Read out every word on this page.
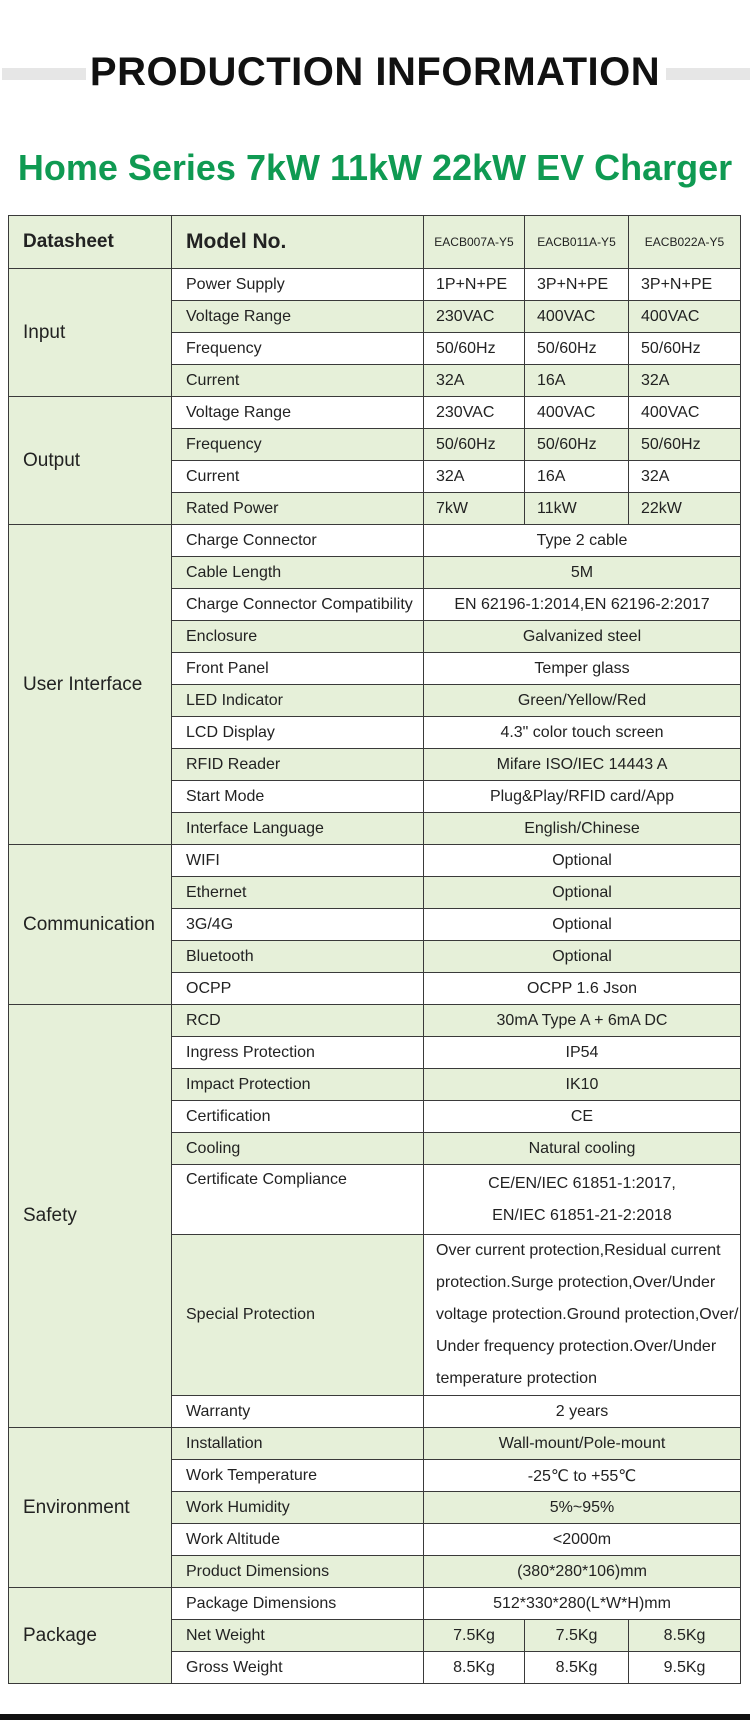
PRODUCTION INFORMATION
Home Series 7kW 11kW 22kW EV Charger
Datasheet	Model No.	EACB007A-Y5	EACB011A-Y5	EACB022A-Y5
Input	Power Supply	1P+N+PE	3P+N+PE	3P+N+PE
	Voltage Range	230VAC	400VAC	400VAC
	Frequency	50/60Hz	50/60Hz	50/60Hz
	Current	32A	16A	32A
Output	Voltage Range	230VAC	400VAC	400VAC
	Frequency	50/60Hz	50/60Hz	50/60Hz
	Current	32A	16A	32A
	Rated Power	7kW	11kW	22kW
User Interface	Charge Connector	Type 2 cable		
	Cable Length	5M		
	Charge Connector Compatibility	EN 62196-1:2014,EN 62196-2:2017		
	Enclosure	Galvanized steel		
	Front Panel	Temper glass		
	LED Indicator	Green/Yellow/Red		
	LCD Display	4.3" color touch screen		
	RFID Reader	Mifare ISO/IEC 14443 A		
	Start Mode	Plug&Play/RFID card/App		
	Interface Language	English/Chinese		
Communication	WIFI	Optional		
	Ethernet	Optional		
	3G/4G	Optional		
	Bluetooth	Optional		
	OCPP	OCPP 1.6 Json		
Safety	RCD	30mA Type A + 6mA DC		
	Ingress Protection	IP54		
	Impact Protection	IK10		
	Certification	CE		
	Cooling	Natural cooling		
	Certificate Compliance	CE/EN/IEC 61851-1:2017,
EN/IEC 61851-21-2:2018		

	Special Protection	Over current protection,Residual current
protection.Surge protection,Over/Under
voltage protection.Ground protection,Over/
Under frequency protection.Over/Under
temperature protection		

	Warranty	2 years		
Environment	Installation	Wall-mount/Pole-mount		
	Work Temperature	-25℃ to +55℃		
	Work Humidity	5%~95%		
	Work Altitude	<2000m		
	Product Dimensions	(380*280*106)mm		
Package	Package Dimensions	512*330*280(L*W*H)mm		
	Net Weight	7.5Kg	7.5Kg	8.5Kg
	Gross Weight	8.5Kg	8.5Kg	9.5Kg
